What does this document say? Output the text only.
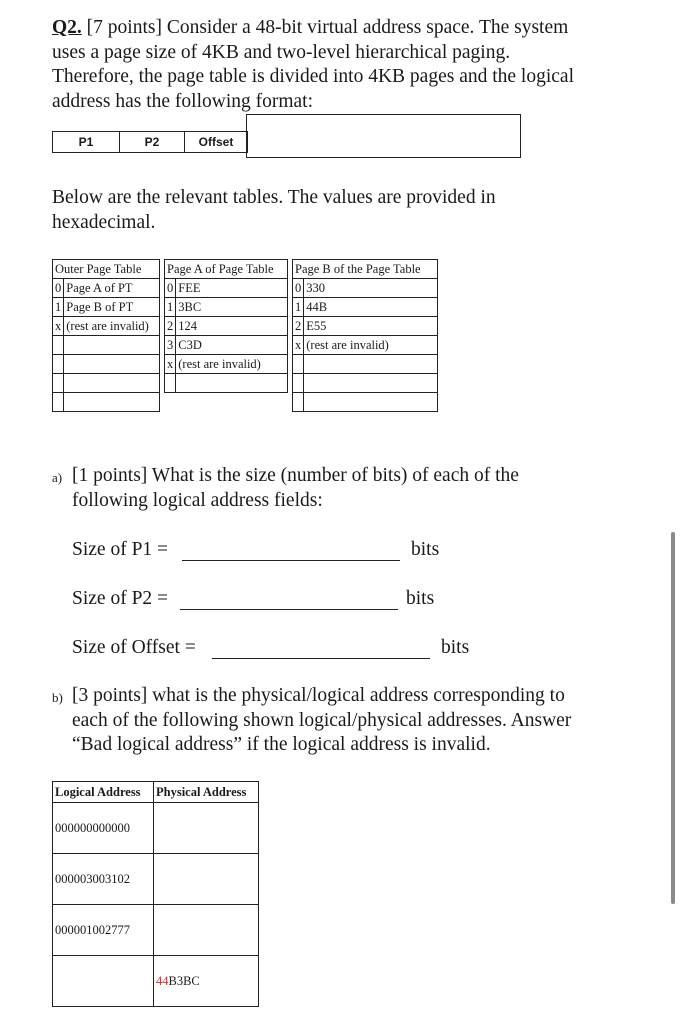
Q2. [7 points] Consider a 48-bit virtual address space. The system
uses a page size of 4KB and two-level hierarchical paging.
Therefore, the page table is divided into 4KB pages and the logical
address has the following format:
P1	P2	Offset
Below are the relevant tables. The values are provided in
hexadecimal.
Outer Page Table	
0	Page A of PT
1	Page B of PT
x	(rest are invalid)

Page A of Page Table	
0	FEE
1	3BC
2	124
3	C3D
x	(rest are invalid)

Page B of the Page Table	
0	330
1	44B
2	E55
x	(rest are invalid)

a) [1 points] What is the size (number of bits) of each of the
following logical address fields:
Size of P1 =	bits
Size of P2 =	bits
Size of Offset =	bits
b) [3 points] what is the physical/logical address corresponding to
each of the following shown logical/physical addresses. Answer
“Bad logical address” if the logical address is invalid.
Logical Address	Physical Address
000000000000	
000003003102	
000001002777	
	44B3BC
